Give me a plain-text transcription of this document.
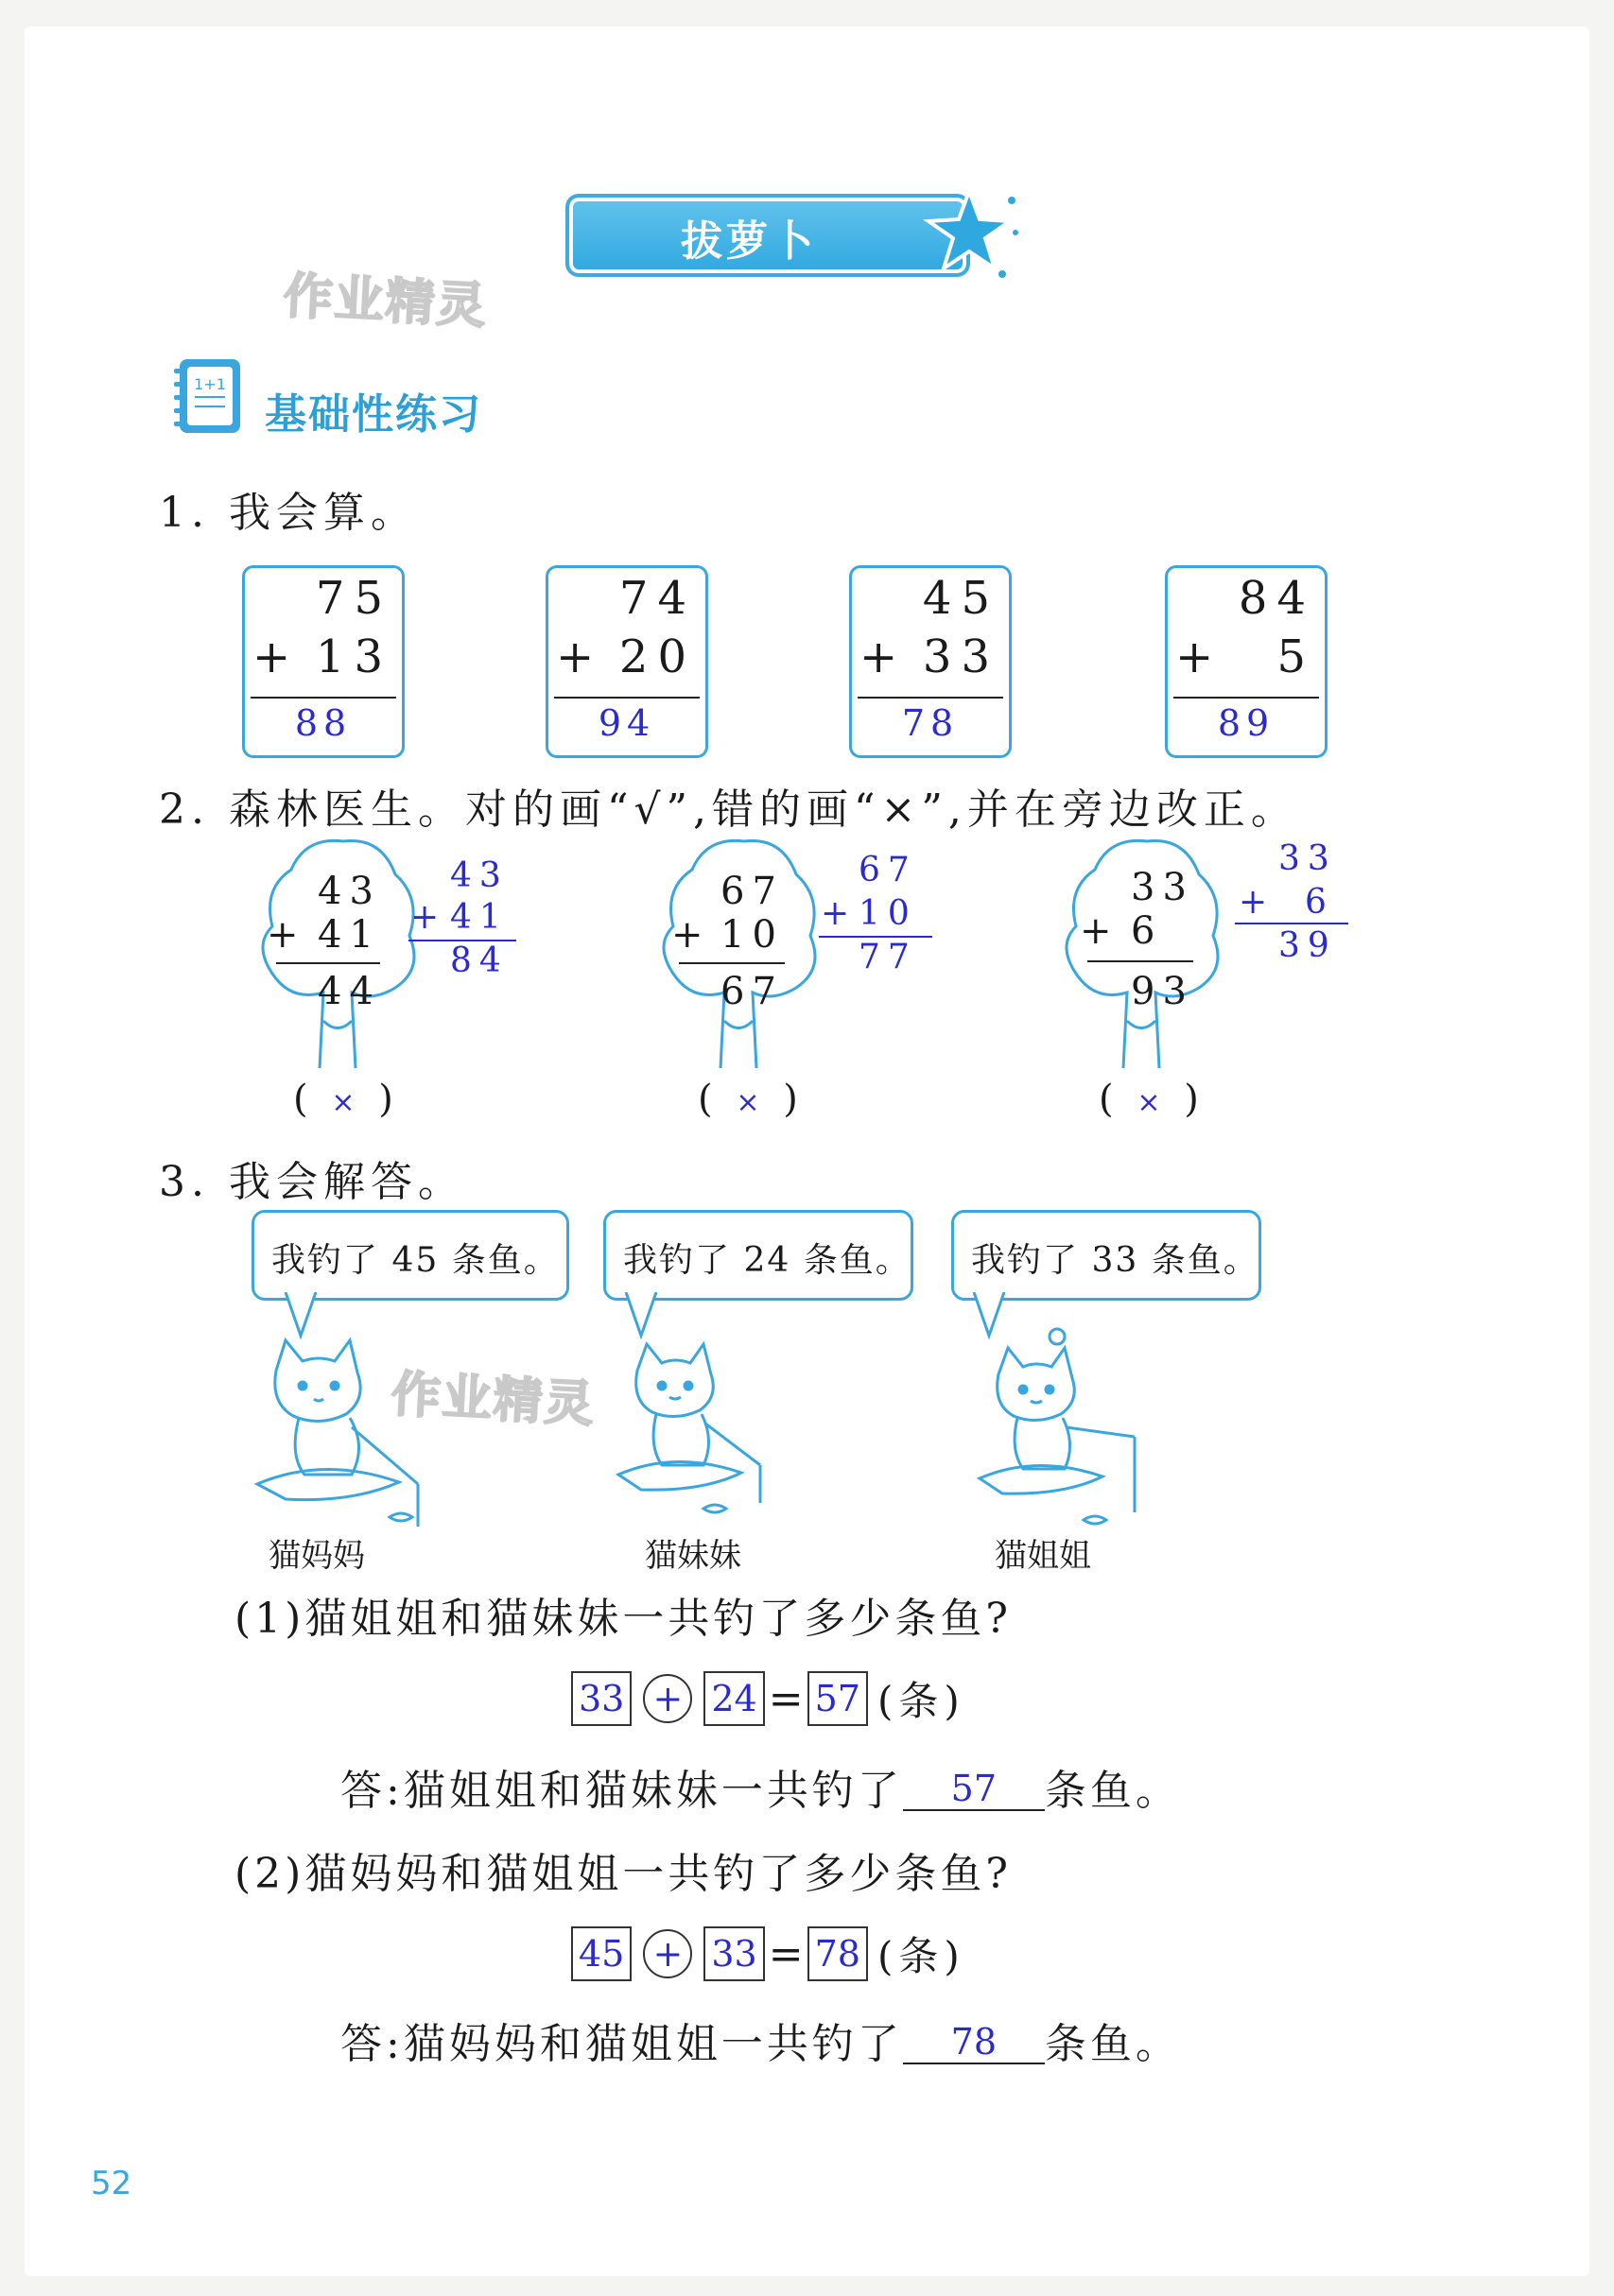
拔萝卜
作业精灵
作业精灵
1+1
基础性练习
1. 我会算。
75
+ 13
88
74
+ 20
94
45
+ 33
78
84
+ 5
89
2. 森林医生。对的画“√”,错的画“×”,并在旁边改正。
43
+ 41
44
43
+ 41
84
( × )
67
+ 10
67
67
+ 10
77
( × )
33
+ 6
93
33
+ 6
39
( × )
3. 我会解答。
我钓了 45 条鱼。 我钓了 24 条鱼。 我钓了 33 条鱼。
猫妈妈	猫妹妹	猫姐姐
(1)猫姐姐和猫妹妹一共钓了多少条鱼?
33 + 24 = 57 (条)
答:猫姐姐和猫妹妹一共钓了 57 条鱼。
(2)猫妈妈和猫姐姐一共钓了多少条鱼?
45 + 33 = 78 (条)
答:猫妈妈和猫姐姐一共钓了 78 条鱼。
52
